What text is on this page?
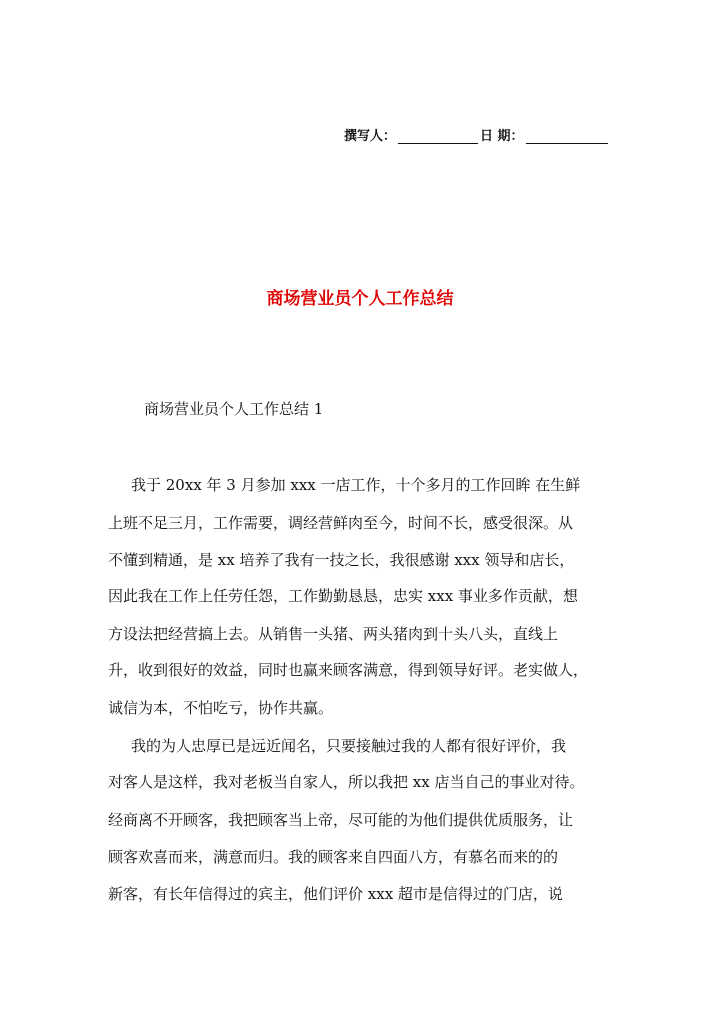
撰写人：	日 期：
商场营业员个人工作总结
商场营业员个人工作总结 1
我于 20xx 年 3 月参加 xxx 一店工作，十个多月的工作回眸 在生鲜
上班不足三月，工作需要，调经营鲜肉至今，时间不长，感受很深。从
不懂到精通，是 xx 培养了我有一技之长，我很感谢 xxx 领导和店长，
因此我在工作上任劳任怨，工作勤勤恳恳，忠实 xxx 事业多作贡献，想
方设法把经营搞上去。从销售一头猪、两头猪肉到十头八头，直线上
升，收到很好的效益，同时也赢来顾客满意，得到领导好评。老实做人，
诚信为本，不怕吃亏，协作共赢。
我的为人忠厚已是远近闻名，只要接触过我的人都有很好评价，我
对客人是这样，我对老板当自家人，所以我把 xx 店当自己的事业对待。
经商离不开顾客，我把顾客当上帝，尽可能的为他们提供优质服务，让
顾客欢喜而来，满意而归。我的顾客来自四面八方，有慕名而来的的
新客，有长年信得过的宾主，他们评价 xxx 超市是信得过的门店，说
